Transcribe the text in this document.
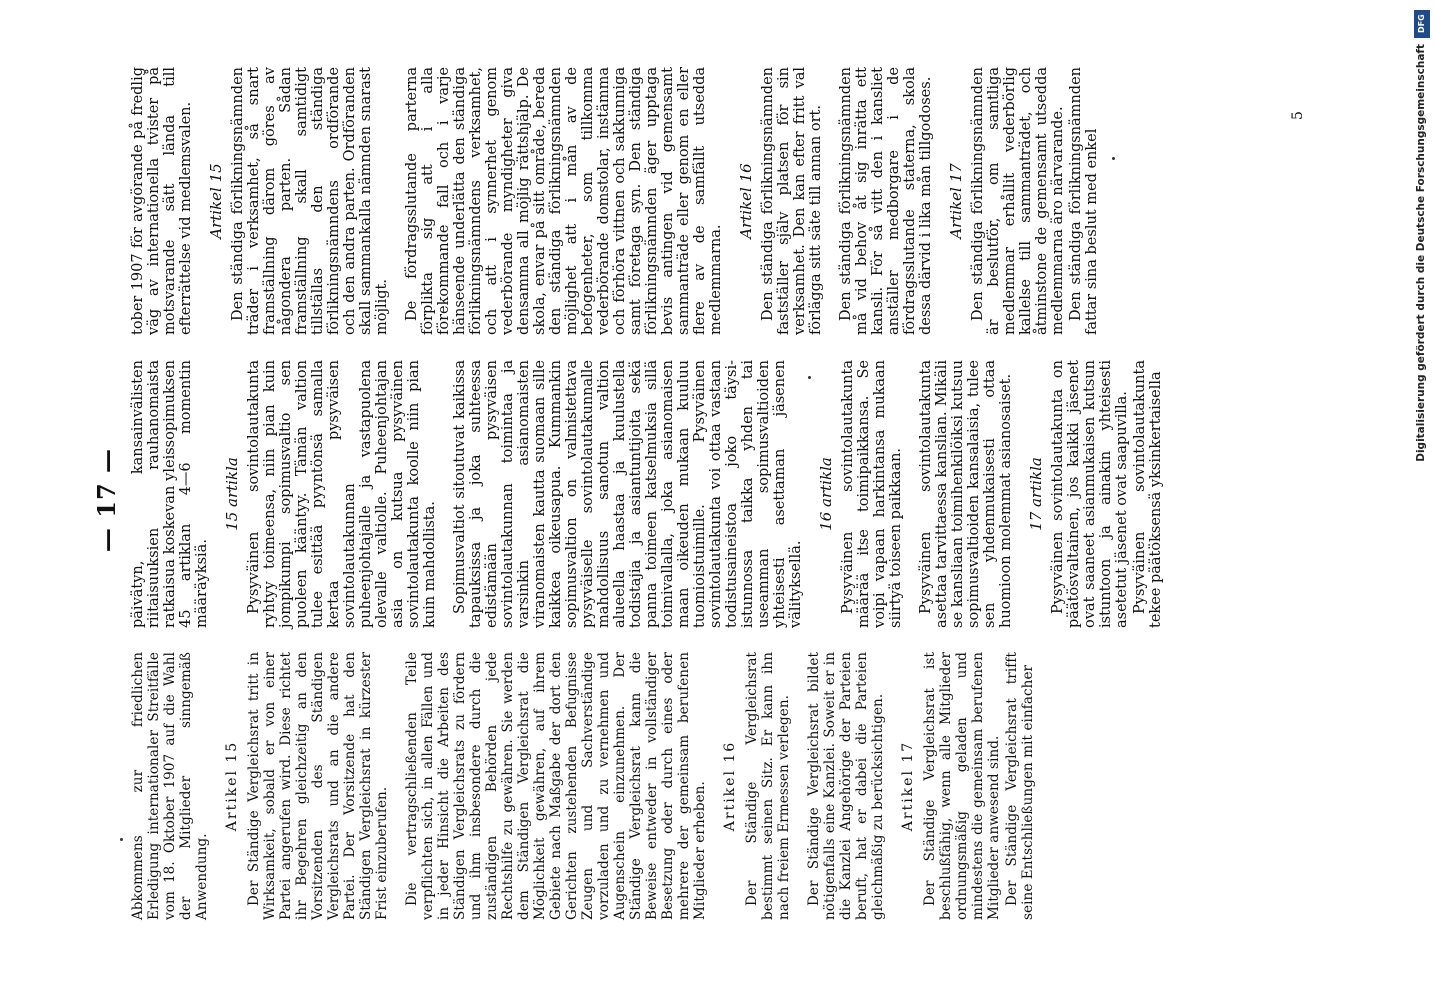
— 17 —

Abkommens zur friedlichen Erledigung internationaler Streitfälle vom 18. Oktober 1907 auf die Wahl der Mitglieder sinngemäß Anwendung.

Artikel 15 Der Ständige Vergleichsrat tritt in Wirksamkeit, sobald er von einer Partei angerufen wird. Diese richtet ihr Begehren gleichzeitig an den Vorsitzenden des Ständigen Vergleichsrats und an die andere Partei. Der Vorsitzende hat den Ständigen Vergleichsrat in kürzester Frist einzuberufen. Die vertragschließenden Teile verpflichten sich, in allen Fällen und in jeder Hinsicht die Arbeiten des Ständigen Vergleichsrats zu fördern und ihm insbesondere durch die zuständigen Behörden jede Rechtshilfe zu gewähren. Sie werden dem Ständigen Vergleichsrat die Möglichkeit gewähren, auf ihrem Gebiete nach Maßgabe der dort den Gerichten zustehenden Befugnisse Zeugen und Sachverständige vorzuladen und zu vernehmen und Augenschein einzunehmen. Der Ständige Vergleichsrat kann die Beweise entweder in vollständiger Besetzung oder durch eines oder mehrere der gemeinsam berufenen Mitglieder erheben. Artikel 16 Der Ständige Vergleichsrat bestimmt seinen Sitz. Er kann ihn nach freiem Ermessen verlegen. Der Ständige Vergleichsrat bildet nötigenfalls eine Kanzlei. Soweit er in die Kanzlei Angehörige der Parteien beruft, hat er dabei die Parteien gleichmäßig zu berücksichtigen. Artikel 17 Der Ständige Vergleichsrat ist beschlußfähig, wenn alle Mitglieder ordnungsmäßig geladen und mindestens die gemeinsam berufenen Mitglieder anwesend sind. Der Ständige Vergleichsrat trifft seine Entschließungen mit einfacher

päivätyn, kansainvälisten riitaisuuksien rauhanomaista ratkaisua koskevan yleissopimuksen 45 artiklan 4—6 momentin määräyksiä.

15 artikla Pysyväinen sovintolautakunta ryhtyy toimeensa, niin pian kuin jompikumpi sopimusvaltio sen puoleen kääntyy. Tämän valtion tulee esittää pyyntönsä samalla kertaa pysyväisen sovintolautakunnan puheenjohtajalle ja vastapuolena olevalle valtiolle. Puheenjohtajan asia on kutsua pysyväinen sovintolautakunta koolle niin pian kuin mahdollista. Sopimusvaltiot sitoutuvat kaikissa tapauksissa ja joka suhteessa edistämään pysyväisen sovintolautakunnan toimintaa ja varsinkin asianomaisten viranomaisten kautta suomaan sille kaikkea oikeusapua. Kummankin sopimusvaltion on valmistettava pysyväiselle sovintolautakunnalle mahdollisuus sanotun valtion alueella haastaa ja kuulustella todistajia ja asiantuntijoita sekä panna toimeen katselmuksia sillä toimivallalla, joka asianomaisen maan oikeuden mukaan kuuluu tuomioistuimille. Pysyväinen sovintolautakunta voi ottaa vastaan todistusaineistoa joko täysi-istunnossa taikka yhden tai useamman sopimusvaltioiden yhteisesti asettaman jäsenen välityksellä.

16 artikla Pysyväinen sovintolautakunta määrää itse toimipaikkansa. Se voipi vapaan harkintansa mukaan siirtyä toiseen paikkaan. Pysyväinen sovintolautakunta asettaa tarvittaessa kanslian. Mikäli se kansliaan toimihenkilöiksi kutsuu sopimusvaltioiden kansalaisia, tulee sen yhdenmukaisesti ottaa huomioon molemmat asianosaiset. 17 artikla Pysyväinen sovintolautakunta on päätösvaltainen, jos kaikki jäsenet ovat saaneet asianmukaisen kutsun istuntoon ja ainakin yhteisesti asetetut jäsenet ovat saapuvilla. Pysyväinen sovintolautakunta tekee päätöksensä yksinkertaisella

tober 1907 för avgörande på fredlig väg av internationella tvister på motsvarande sätt lända till efterrättelse vid medlemsvalen. Artikel 15 Den ständiga förlikningsnämnden träder i verksamhet, så snart framställning därom göres av någondera parten. Sådan framställning skall samtidigt tillställas den ständiga förlikningsnämndens ordförande och den andra parten. Ordföranden skall sammankalla nämnden snarast möjligt. De fördragsslutande parterna förplikta sig att i alla förekommande fall och i varje hänseende underlätta den ständiga förlikningsnämndens verksamhet, och att i synnerhet genom vederbörande myndigheter giva densamma all möjlig rättshjälp. De skola, envar på sitt område, bereda den ständiga förlikningsnämnden möjlighet att i mån av de befogenheter, som tillkomma vederbörande domstolar, instämma och förhöra vittnen och sakkunniga samt företaga syn. Den ständiga förlikningsnämnden äger upptaga bevis antingen vid gemensamt sammanträde eller genom en eller flere av de samfällt utsedda medlemmarna.

Artikel 16 Den ständiga förlikningsnämnden fastställer själv platsen för sin verksamhet. Den kan efter fritt val förlägga sitt säte till annan ort. Den ständiga förlikningsnämnden må vid behov åt sig inrätta ett kansli. För så vitt den i kansliet anställer medborgare i de fördragsslutande staterna, skola dessa därvid i lika mån tillgodoses. Artikel 17 Den ständiga förlikningsnämnden är beslutför, om samtliga medlemmar erhållit vederbörlig kallelse till sammanträdet, och åtminstone de gemensamt utsedda medlemmarna äro närvarande. Den ständiga förlikningsnämnden fattar sina beslut med enkel

5
DFG
Digitalisierung gefördert durch die Deutsche Forschungsgemeinschaft
